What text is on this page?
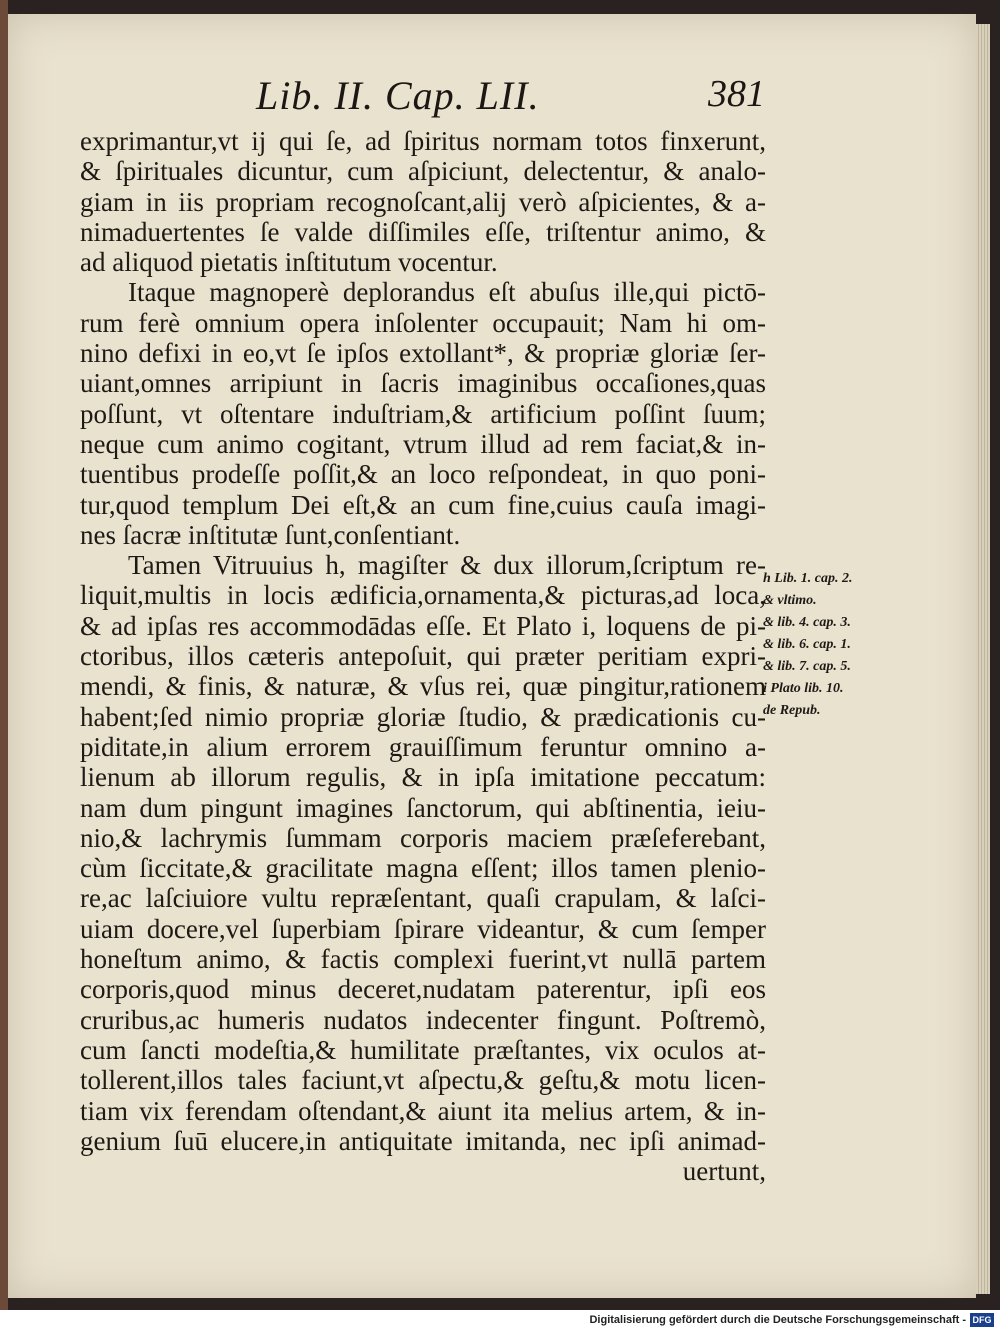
Lib. II. Cap. LII.	381
exprimantur,vt ij qui ſe, ad ſpiritus normam totos finxerunt,
& ſpirituales dicuntur, cum aſpiciunt, delectentur, & analo-
giam in iis propriam recognoſcant,alij verò aſpicientes, & a-
nimaduertentes ſe valde diſſimiles eſſe, triſtentur animo, &
ad aliquod pietatis inſtitutum vocentur.
Itaque magnoperè deplorandus eſt abuſus ille,qui pictō-
rum ferè omnium opera inſolenter occupauit; Nam hi om-
nino defixi in eo,vt ſe ipſos extollant*, & propriæ gloriæ ſer-
uiant,omnes arripiunt in ſacris imaginibus occaſiones,quas
poſſunt, vt oſtentare induſtriam,& artificium poſſint ſuum;
neque cum animo cogitant, vtrum illud ad rem faciat,& in-
tuentibus prodeſſe poſſit,& an loco reſpondeat, in quo poni-
tur,quod templum Dei eſt,& an cum fine,cuius cauſa imagi-
nes ſacræ inſtitutæ ſunt,conſentiant.
Tamen Vitruuius h, magiſter & dux illorum,ſcriptum re-
liquit,multis in locis ædificia,ornamenta,& picturas,ad loca,
& ad ipſas res accommodādas eſſe. Et Plato i, loquens de pi-
ctoribus, illos cæteris antepoſuit, qui præter peritiam expri-
mendi, & finis, & naturæ, & vſus rei, quæ pingitur,rationem
habent;ſed nimio propriæ gloriæ ſtudio, & prædicationis cu-
piditate,in alium errorem grauiſſimum feruntur omnino a-
lienum ab illorum regulis, & in ipſa imitatione peccatum:
nam dum pingunt imagines ſanctorum, qui abſtinentia, ieiu-
nio,& lachrymis ſummam corporis maciem præſeferebant,
cùm ſiccitate,& gracilitate magna eſſent; illos tamen plenio-
re,ac laſciuiore vultu repræſentant, quaſi crapulam, & laſci-
uiam docere,vel ſuperbiam ſpirare videantur, & cum ſemper
honeſtum animo, & factis complexi fuerint,vt nullā partem
corporis,quod minus deceret,nudatam paterentur, ipſi eos
cruribus,ac humeris nudatos indecenter fingunt. Poſtremò,
cum ſancti modeſtia,& humilitate præſtantes, vix oculos at-
tollerent,illos tales faciunt,vt aſpectu,& geſtu,& motu licen-
tiam vix ferendam oſtendant,& aiunt ita melius artem, & in-
genium ſuū elucere,in antiquitate imitanda, nec ipſi animad-
uertunt,
h Lib. 1. cap. 2.
& vltimo.
& lib. 4. cap. 3.
& lib. 6. cap. 1.
& lib. 7. cap. 5.
i Plato lib. 10.
de Repub.
Digitalisierung gefördert durch die Deutsche Forschungsgemeinschaft - DFG
